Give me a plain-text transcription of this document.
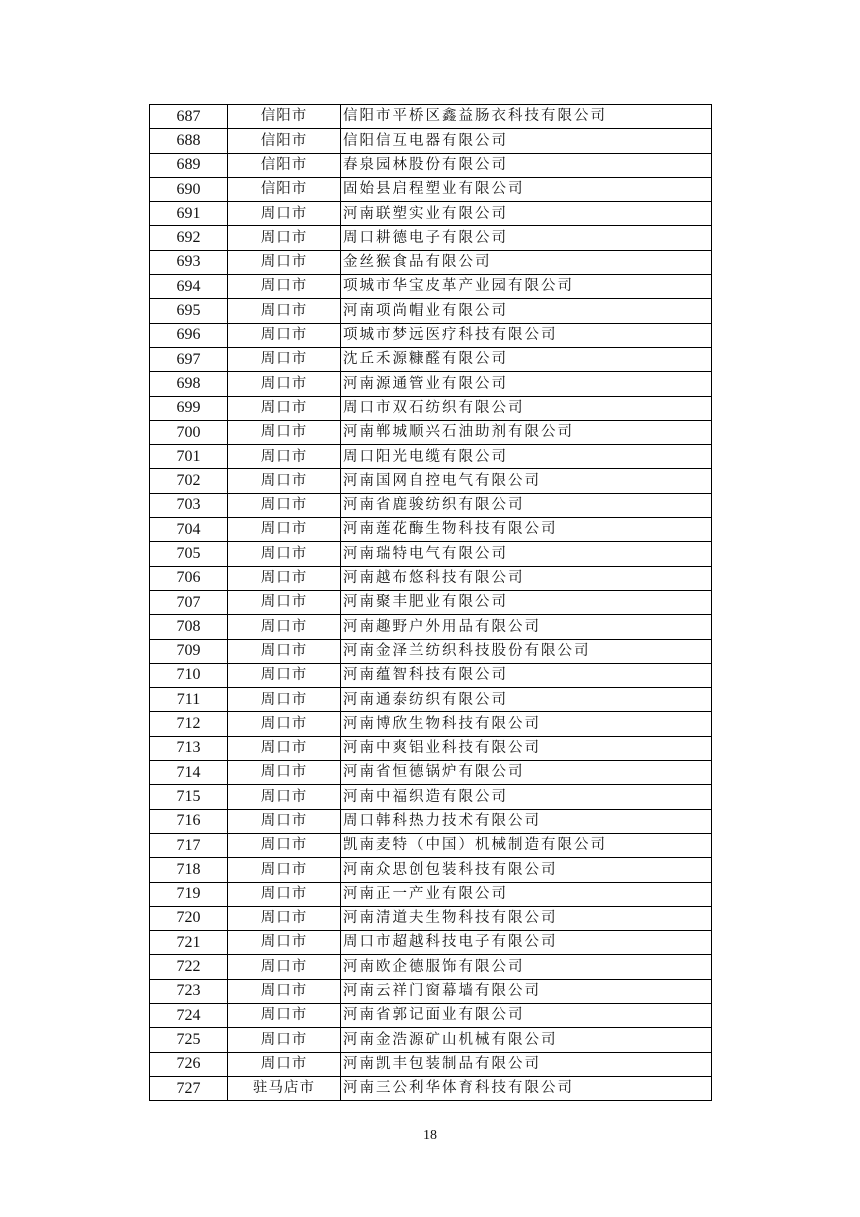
687	信阳市	信阳市平桥区鑫益肠衣科技有限公司
688	信阳市	信阳信互电器有限公司
689	信阳市	春泉园林股份有限公司
690	信阳市	固始县启程塑业有限公司
691	周口市	河南联塑实业有限公司
692	周口市	周口耕德电子有限公司
693	周口市	金丝猴食品有限公司
694	周口市	项城市华宝皮革产业园有限公司
695	周口市	河南项尚帽业有限公司
696	周口市	项城市梦远医疗科技有限公司
697	周口市	沈丘禾源糠醛有限公司
698	周口市	河南源通管业有限公司
699	周口市	周口市双石纺织有限公司
700	周口市	河南郸城顺兴石油助剂有限公司
701	周口市	周口阳光电缆有限公司
702	周口市	河南国网自控电气有限公司
703	周口市	河南省鹿骏纺织有限公司
704	周口市	河南莲花酶生物科技有限公司
705	周口市	河南瑞特电气有限公司
706	周口市	河南越布悠科技有限公司
707	周口市	河南聚丰肥业有限公司
708	周口市	河南趣野户外用品有限公司
709	周口市	河南金泽兰纺织科技股份有限公司
710	周口市	河南蕴智科技有限公司
711	周口市	河南通泰纺织有限公司
712	周口市	河南博欣生物科技有限公司
713	周口市	河南中爽铝业科技有限公司
714	周口市	河南省恒德锅炉有限公司
715	周口市	河南中福织造有限公司
716	周口市	周口韩科热力技术有限公司
717	周口市	凯南麦特（中国）机械制造有限公司
718	周口市	河南众思创包装科技有限公司
719	周口市	河南正一产业有限公司
720	周口市	河南清道夫生物科技有限公司
721	周口市	周口市超越科技电子有限公司
722	周口市	河南欧企德服饰有限公司
723	周口市	河南云祥门窗幕墙有限公司
724	周口市	河南省郭记面业有限公司
725	周口市	河南金浩源矿山机械有限公司
726	周口市	河南凯丰包装制品有限公司
727	驻马店市	河南三公利华体育科技有限公司
18
